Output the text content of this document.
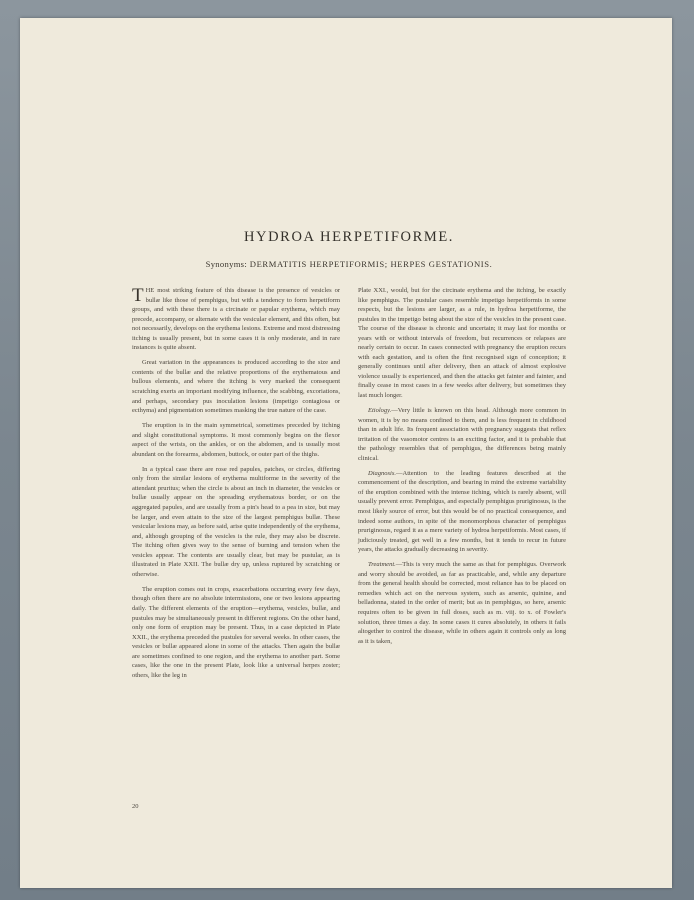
HYDROA HERPETIFORME.
Synonyms: DERMATITIS HERPETIFORMIS; HERPES GESTATIONIS.

THE most striking feature of this disease is the presence of vesicles or bullæ like those of pemphigus, but with a tendency to form herpetiform groups, and with these there is a circinate or papular erythema, which may precede, accompany, or alternate with the vesicular element, and this often, but not necessarily, develops on the erythema lesions. Extreme and most distressing itching is usually present, but in some cases it is only moderate, and in rare instances is quite absent.

Great variation in the appearances is produced according to the size and contents of the bullæ and the relative proportions of the erythematous and bullous elements, and where the itching is very marked the consequent scratching exerts an important modifying influence, the scabbing, excoriations, and perhaps, secondary pus inoculation lesions (impetigo contagiosa or ecthyma) and pigmentation sometimes masking the true nature of the case.

The eruption is in the main symmetrical, sometimes preceded by itching and slight constitutional symptoms. It most commonly begins on the flexor aspect of the wrists, on the ankles, or on the abdomen, and is usually most abundant on the forearms, abdomen, buttock, or outer part of the thighs.

In a typical case there are rose red papules, patches, or circles, differing only from the similar lesions of erythema multiforme in the severity of the attendant pruritus; when the circle is about an inch in diameter, the vesicles or bullæ usually appear on the spreading erythematous border, or on the aggregated papules, and are usually from a pin's head to a pea in size, but may be larger, and even attain to the size of the largest pemphigus bullæ. These vesicular lesions may, as before said, arise quite independently of the erythema, and, although grouping of the vesicles is the rule, they may also be discrete. The itching often gives way to the sense of burning and tension when the vesicles appear. The contents are usually clear, but may be pustular, as is illustrated in Plate XXII. The bullæ dry up, unless ruptured by scratching or otherwise.

The eruption comes out in crops, exacerbations occurring every few days, though often there are no absolute intermissions, one or two lesions appearing daily. The different elements of the eruption—erythema, vesicles, bullæ, and pustules may be simultaneously present in different regions. On the other hand, only one form of eruption may be present. Thus, in a case depicted in Plate XXII., the erythema preceded the pustules for several weeks. In other cases, the vesicles or bullæ appeared alone in some of the attacks. Then again the bullæ are sometimes confined to one region, and the erythema to another part. Some cases, like the one in the present Plate, look like a universal herpes zoster; others, like the leg in

Plate XXI., would, but for the circinate erythema and the itching, be exactly like pemphigus. The pustular cases resemble impetigo herpetiformis in some respects, but the lesions are larger, as a rule, in hydroa herpetiforme, the pustules in the impetigo being about the size of the vesicles in the present case. The course of the disease is chronic and uncertain; it may last for months or years with or without intervals of freedom, but recurrences or relapses are nearly certain to occur. In cases connected with pregnancy the eruption recurs with each gestation, and is often the first recognised sign of conception; it generally continues until after delivery, then an attack of almost explosive violence usually is experienced, and then the attacks get fainter and fainter, and finally cease in most cases in a few weeks after delivery, but sometimes they last much longer.

Etiology.—Very little is known on this head. Although more common in women, it is by no means confined to them, and is less frequent in childhood than in adult life. Its frequent association with pregnancy suggests that reflex irritation of the vasomotor centres is an exciting factor, and it is probable that the pathology resembles that of pemphigus, the differences being mainly clinical.

Diagnosis.—Attention to the leading features described at the commencement of the description, and bearing in mind the extreme variability of the eruption combined with the intense itching, which is rarely absent, will usually prevent error. Pemphigus, and especially pemphigus pruriginosus, is the most likely source of error, but this would be of no practical consequence, and indeed some authors, in spite of the monomorphous character of pemphigus pruriginosus, regard it as a mere variety of hydroa herpetiformis. Most cases, if judiciously treated, get well in a few months, but it tends to recur in future years, the attacks gradually decreasing in severity.

Treatment.—This is very much the same as that for pemphigus. Overwork and worry should be avoided, as far as practicable, and, while any departure from the general health should be corrected, most reliance has to be placed on remedies which act on the nervous system, such as arsenic, quinine, and belladonna, stated in the order of merit; but as in pemphigus, so here, arsenic requires often to be given in full doses, such as m. viij. to x. of Fowler's solution, three times a day. In some cases it cures absolutely, in others it fails altogether to control the disease, while in others again it controls only as long as it is taken,

20
